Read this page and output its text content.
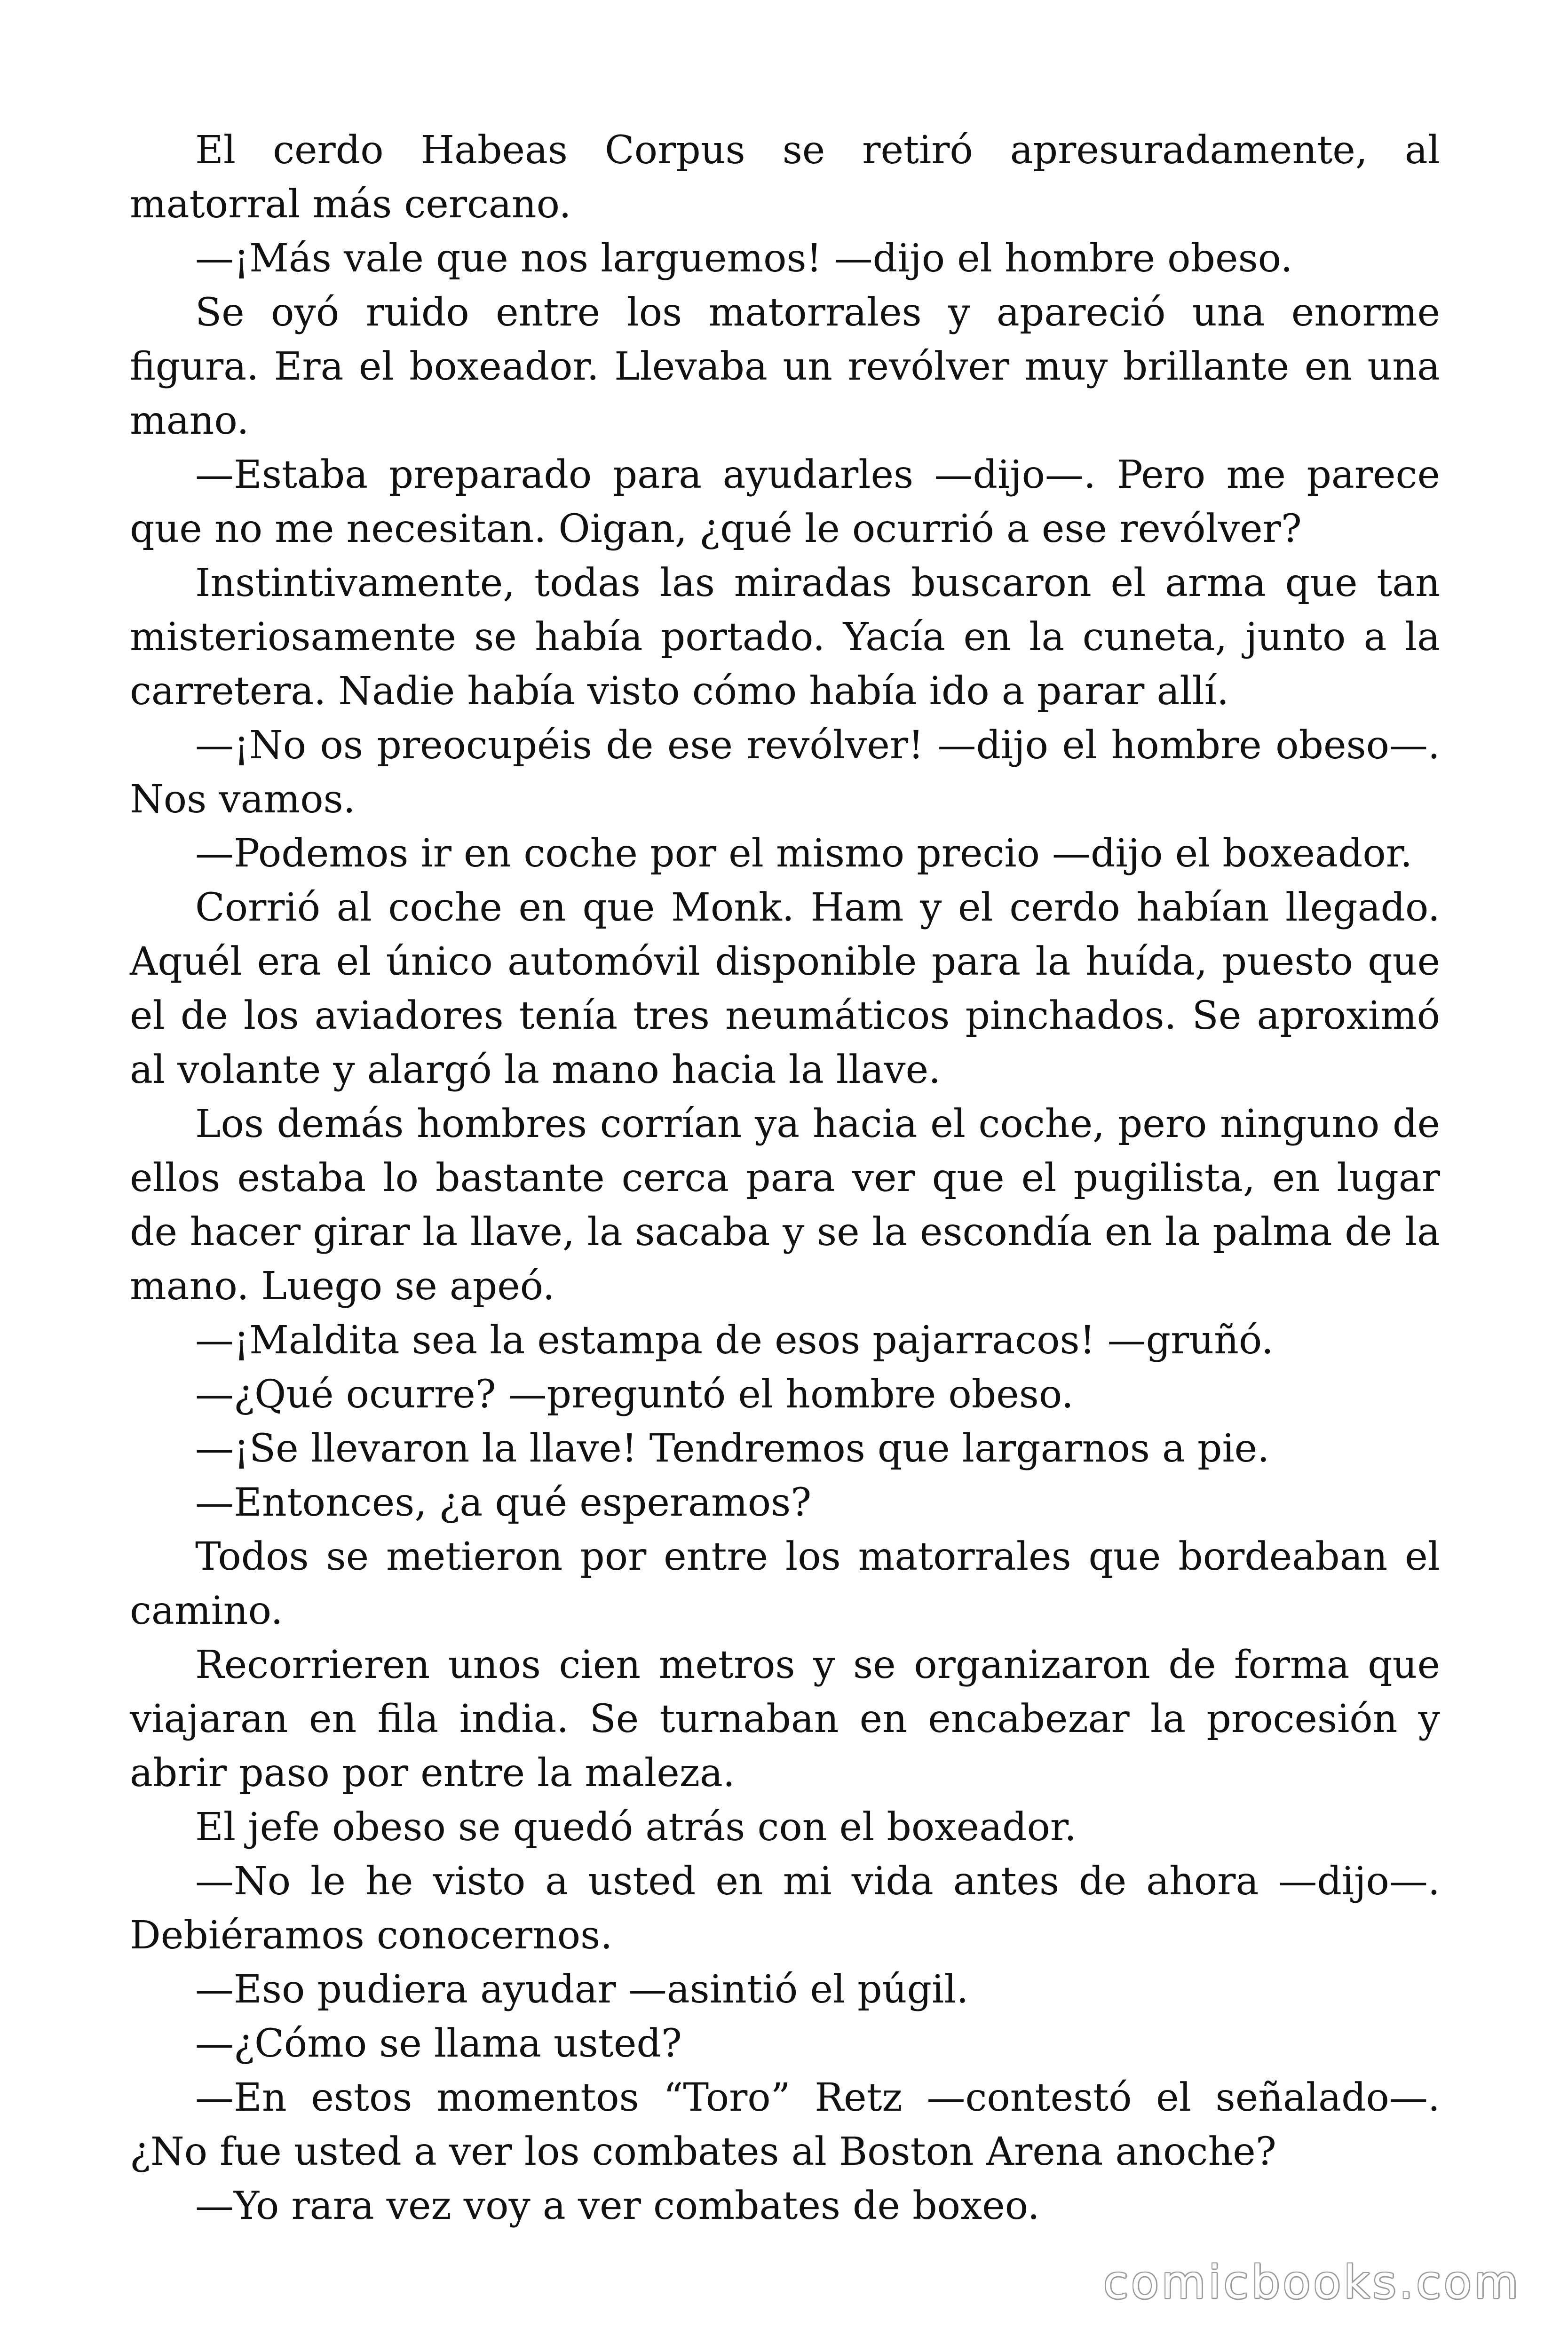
El cerdo Habeas Corpus se retiró apresuradamente, al matorral más cercano.

—¡Más vale que nos larguemos! —dijo el hombre obeso.

Se oyó ruido entre los matorrales y apareció una enorme figura. Era el boxeador. Llevaba un revólver muy brillante en una mano.

—Estaba preparado para ayudarles —dijo—. Pero me parece que no me necesitan. Oigan, ¿qué le ocurrió a ese revólver?

Instintivamente, todas las miradas buscaron el arma que tan misteriosamente se había portado. Yacía en la cuneta, junto a la carretera. Nadie había visto cómo había ido a parar allí.

—¡No os preocupéis de ese revólver! —dijo el hombre obeso—. Nos vamos.

—Podemos ir en coche por el mismo precio —dijo el boxeador.

Corrió al coche en que Monk. Ham y el cerdo habían llegado. Aquél era el único automóvil disponible para la huída, puesto que el de los aviadores tenía tres neumáticos pinchados. Se aproximó al volante y alargó la mano hacia la llave.

Los demás hombres corrían ya hacia el coche, pero ninguno de ellos estaba lo bastante cerca para ver que el pugilista, en lugar de hacer girar la llave, la sacaba y se la escondía en la palma de la mano. Luego se apeó.

—¡Maldita sea la estampa de esos pajarracos! —gruñó.

—¿Qué ocurre? —preguntó el hombre obeso.

—¡Se llevaron la llave! Tendremos que largarnos a pie.

—Entonces, ¿a qué esperamos?

Todos se metieron por entre los matorrales que bordeaban el camino.

Recorrieren unos cien metros y se organizaron de forma que viajaran en fila india. Se turnaban en encabezar la procesión y abrir paso por entre la maleza.

El jefe obeso se quedó atrás con el boxeador.

—No le he visto a usted en mi vida antes de ahora —dijo—. Debiéramos conocernos.

—Eso pudiera ayudar —asintió el púgil.

—¿Cómo se llama usted?

—En estos momentos “Toro” Retz —contestó el señalado—. ¿No fue usted a ver los combates al Boston Arena anoche?

—Yo rara vez voy a ver combates de boxeo.

comicbooks.com
